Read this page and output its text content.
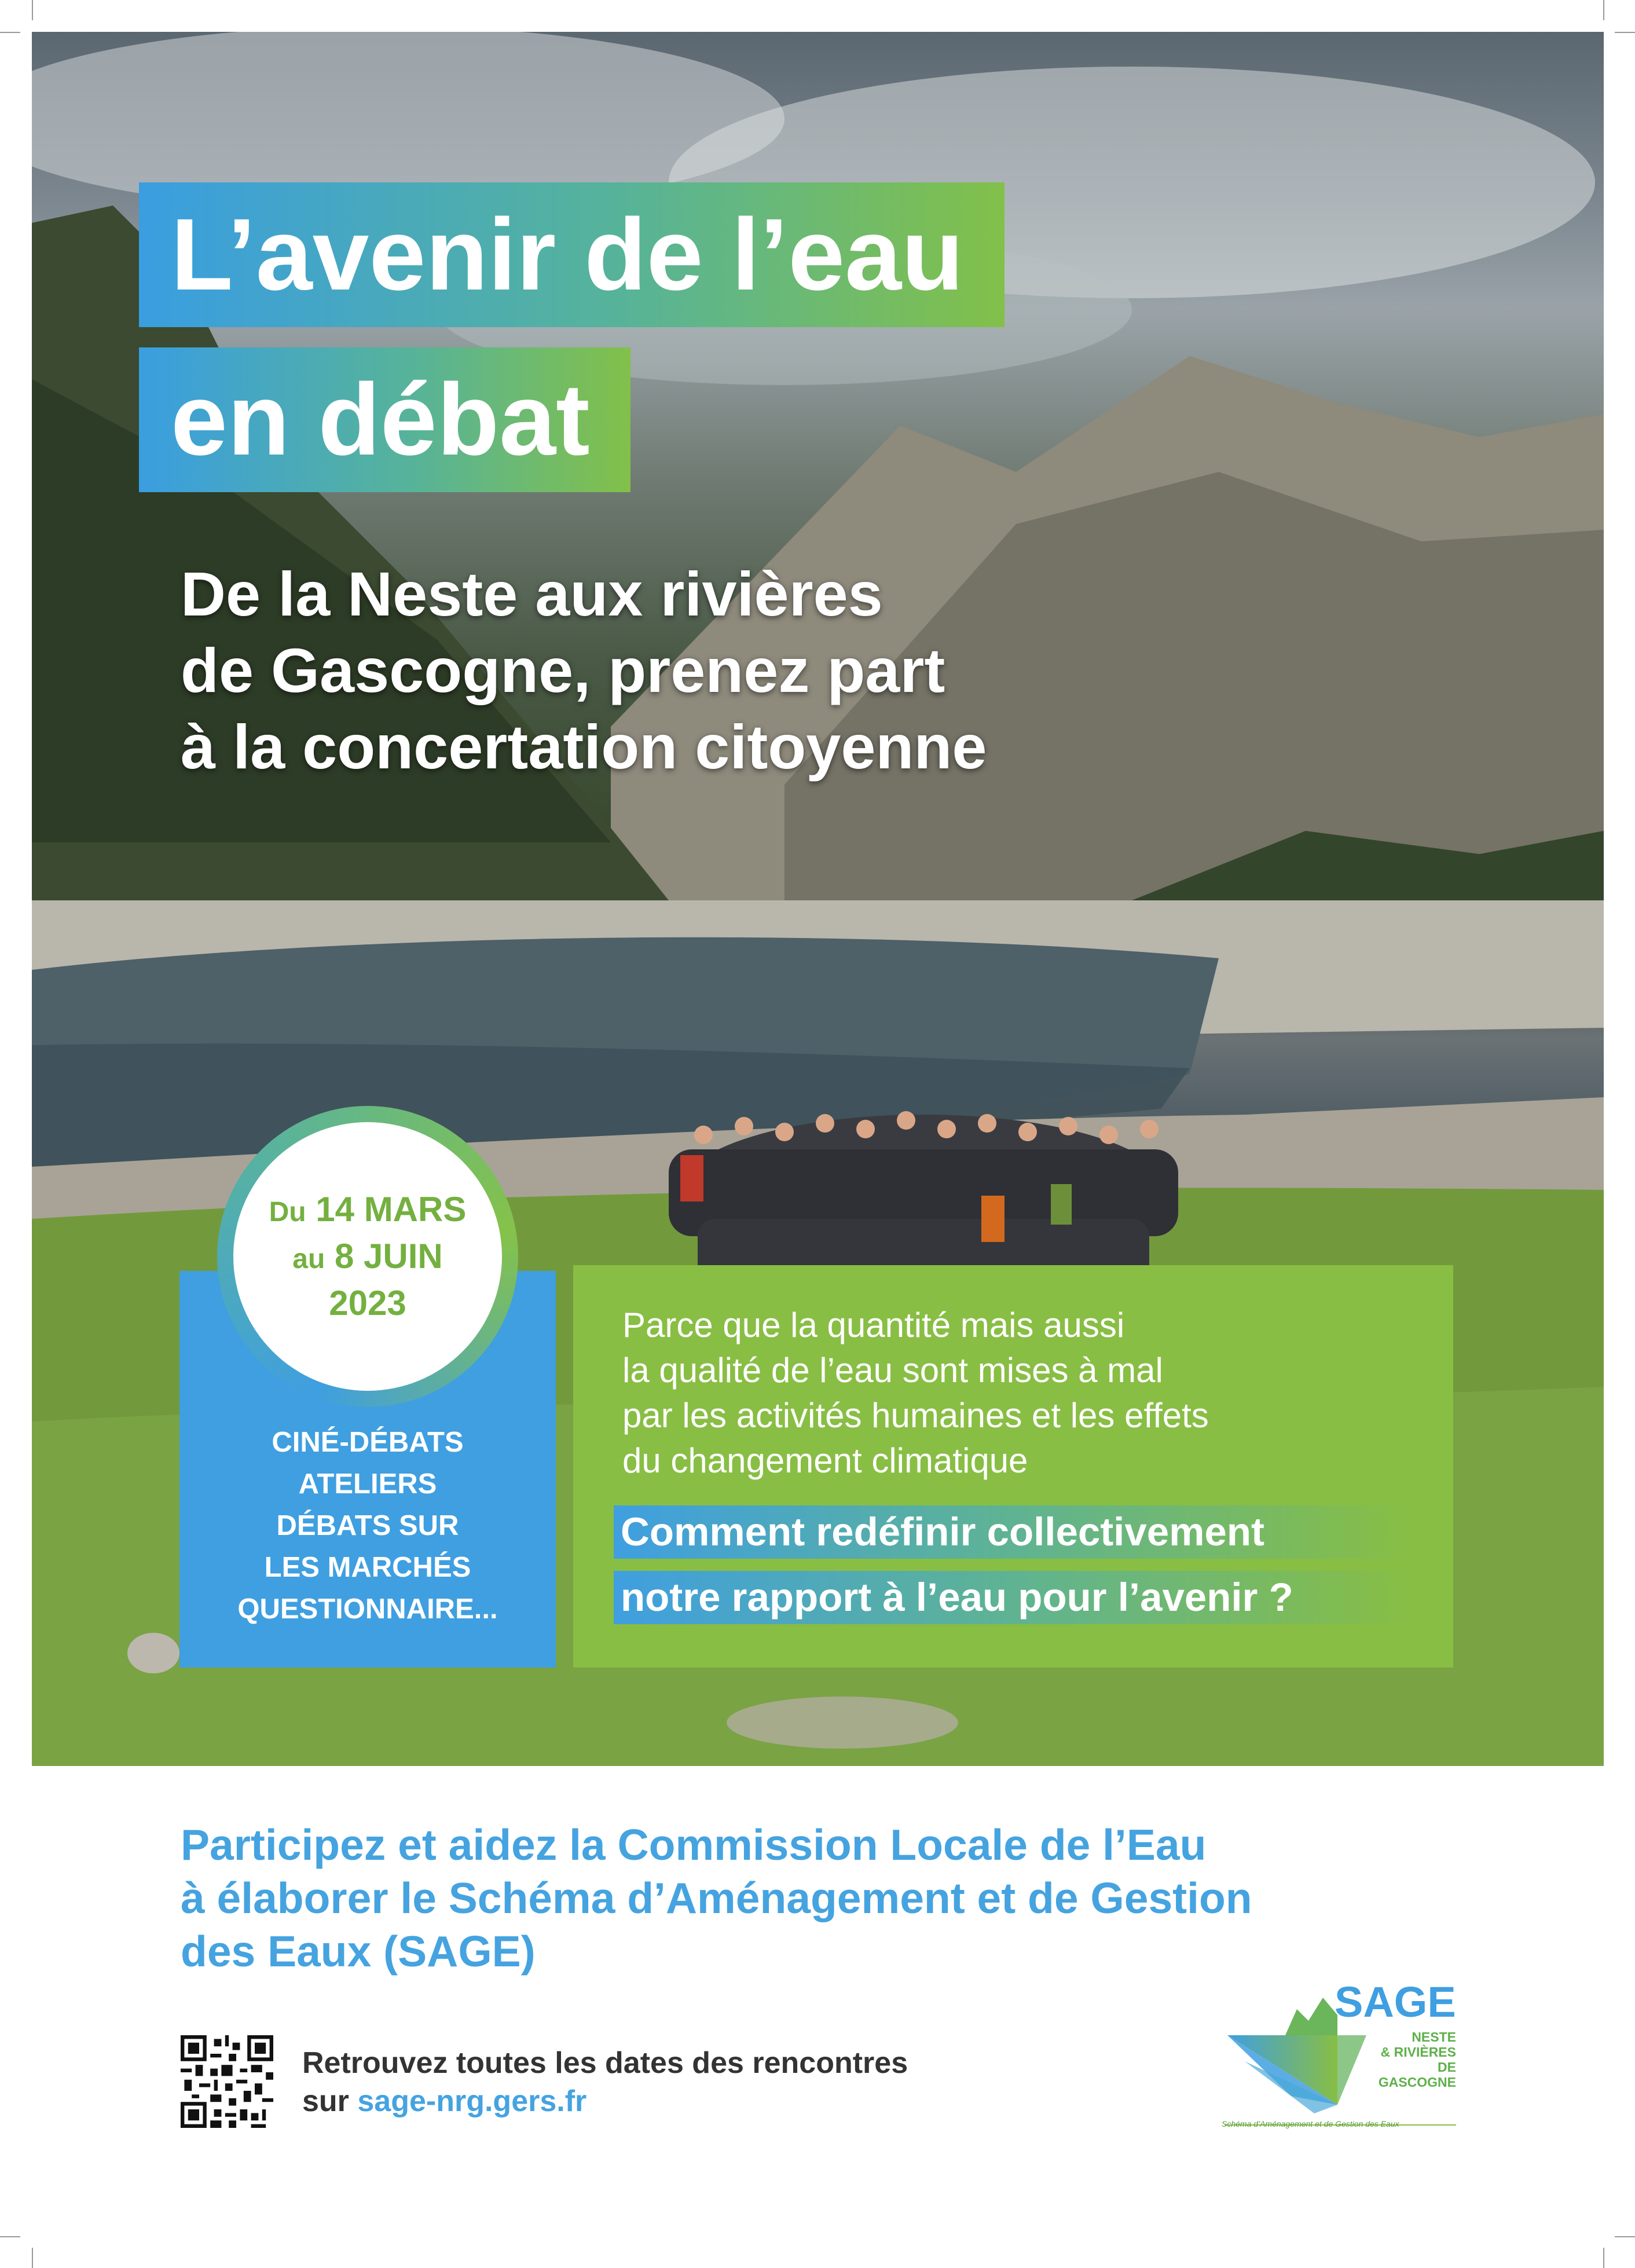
L’avenir de l’eau
en débat
De la Neste aux rivières
de Gascogne, prenez part
à la concertation citoyenne
Du 14 MARS
au 8 JUIN
2023
CINÉ-DÉBATS
ATELIERS
DÉBATS SUR
LES MARCHÉS
QUESTIONNAIRE...
Parce que la quantité mais aussi
la qualité de l’eau sont mises à mal
par les activités humaines et les effets
du changement climatique
Comment redéfinir collectivement
notre rapport à l’eau pour l’avenir ?
Participez et aidez la Commission Locale de l’Eau
à élaborer le Schéma d’Aménagement et de Gestion
des Eaux (SAGE)
Retrouvez toutes les dates des rencontres
sur sage-nrg.gers.fr
SAGE
NESTE
& RIVIÈRES
DE GASCOGNE
Schéma d’Aménagement et de Gestion des Eaux
